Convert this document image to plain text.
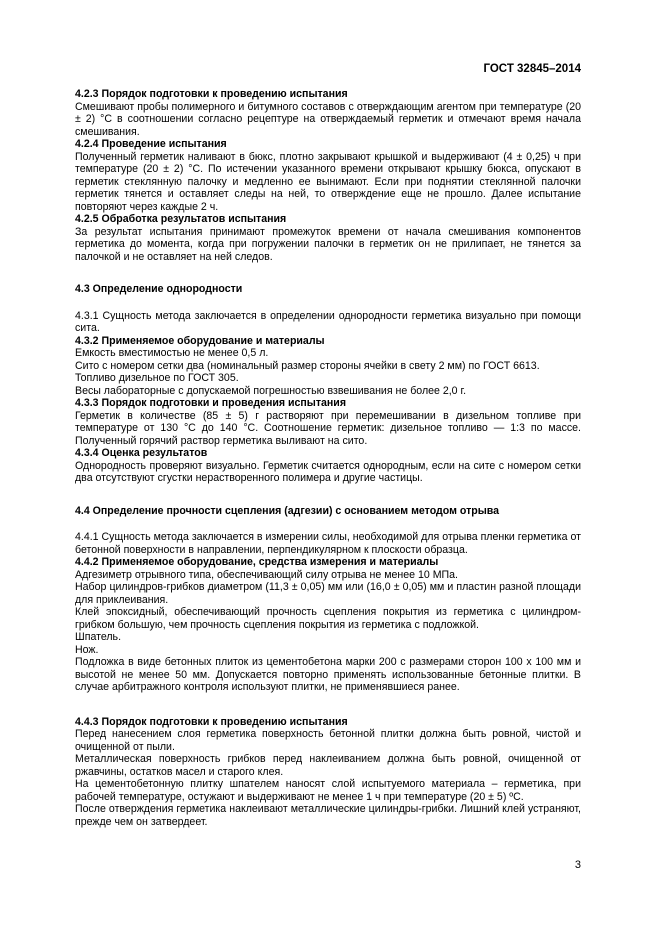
ГОСТ 32845–2014
4.2.3 Порядок подготовки к проведению испытания
Смешивают пробы полимерного и битумного составов с отверждающим агентом при температуре (20 ± 2) °С в соотношении согласно рецептуре на отверждаемый герметик и отмечают время начала смешивания.
4.2.4 Проведение испытания
Полученный герметик наливают в бюкс, плотно закрывают крышкой и выдерживают (4 ± 0,25) ч при температуре (20 ± 2) °С. По истечении указанного времени открывают крышку бюкса, опускают в герметик стеклянную палочку и медленно ее вынимают. Если при поднятии стеклянной палочки герметик тянется и оставляет следы на ней, то отверждение еще не прошло. Далее испытание повторяют через каждые 2 ч.
4.2.5 Обработка результатов испытания
За результат испытания принимают промежуток времени от начала смешивания компонентов герметика до момента, когда при погружении палочки в герметик он не прилипает, не тянется за палочкой и не оставляет на ней следов.
4.3 Определение однородности
4.3.1 Сущность метода заключается в определении однородности герметика визуально при помощи сита.
4.3.2 Применяемое оборудование и материалы
Емкость вместимостью не менее 0,5 л.
Сито с номером сетки два (номинальный размер стороны ячейки в свету 2 мм) по ГОСТ 6613.
Топливо дизельное по ГОСТ 305.
Весы лабораторные с допускаемой погрешностью взвешивания не более 2,0 г.
4.3.3 Порядок подготовки и проведения испытания
Герметик в количестве (85 ± 5) г растворяют при перемешивании в дизельном топливе при температуре от 130 °С до 140 °С. Соотношение герметик: дизельное топливо — 1:3 по массе. Полученный горячий раствор герметика выливают на сито.
4.3.4 Оценка результатов
Однородность проверяют визуально. Герметик считается однородным, если на сите с номером сетки два отсутствуют сгустки нерастворенного полимера и другие частицы.
4.4 Определение прочности сцепления (адгезии) с основанием методом отрыва
4.4.1 Сущность метода заключается в измерении силы, необходимой для отрыва пленки герметика от бетонной поверхности в направлении, перпендикулярном к плоскости образца.
4.4.2 Применяемое оборудование, средства измерения и материалы
Адгезиметр отрывного типа, обеспечивающий силу отрыва не менее 10 МПа.
Набор цилиндров-грибков диаметром (11,3 ± 0,05) мм или (16,0 ± 0,05) мм и пластин разной площади для приклеивания.
Клей эпоксидный, обеспечивающий прочность сцепления покрытия из герметика с цилиндром-грибком большую, чем прочность сцепления покрытия из герметика с подложкой.
Шпатель.
Нож.
Подложка в виде бетонных плиток из цементобетона марки 200 с размерами сторон 100 х 100 мм и высотой не менее 50 мм. Допускается повторно применять использованные бетонные плитки. В случае арбитражного контроля используют плитки, не применявшиеся ранее.
4.4.3 Порядок подготовки к проведению испытания
Перед нанесением слоя герметика поверхность бетонной плитки должна быть ровной, чистой и очищенной от пыли.
Металлическая поверхность грибков перед наклеиванием должна быть ровной, очищенной от ржавчины, остатков масел и старого клея.
На цементобетонную плитку шпателем наносят слой испытуемого материала – герметика, при рабочей температуре, остужают и выдерживают не менее 1 ч при температуре (20 ± 5) ºС.
После отверждения герметика наклеивают металлические цилиндры-грибки. Лишний клей устраняют, прежде чем он затвердеет.
3
